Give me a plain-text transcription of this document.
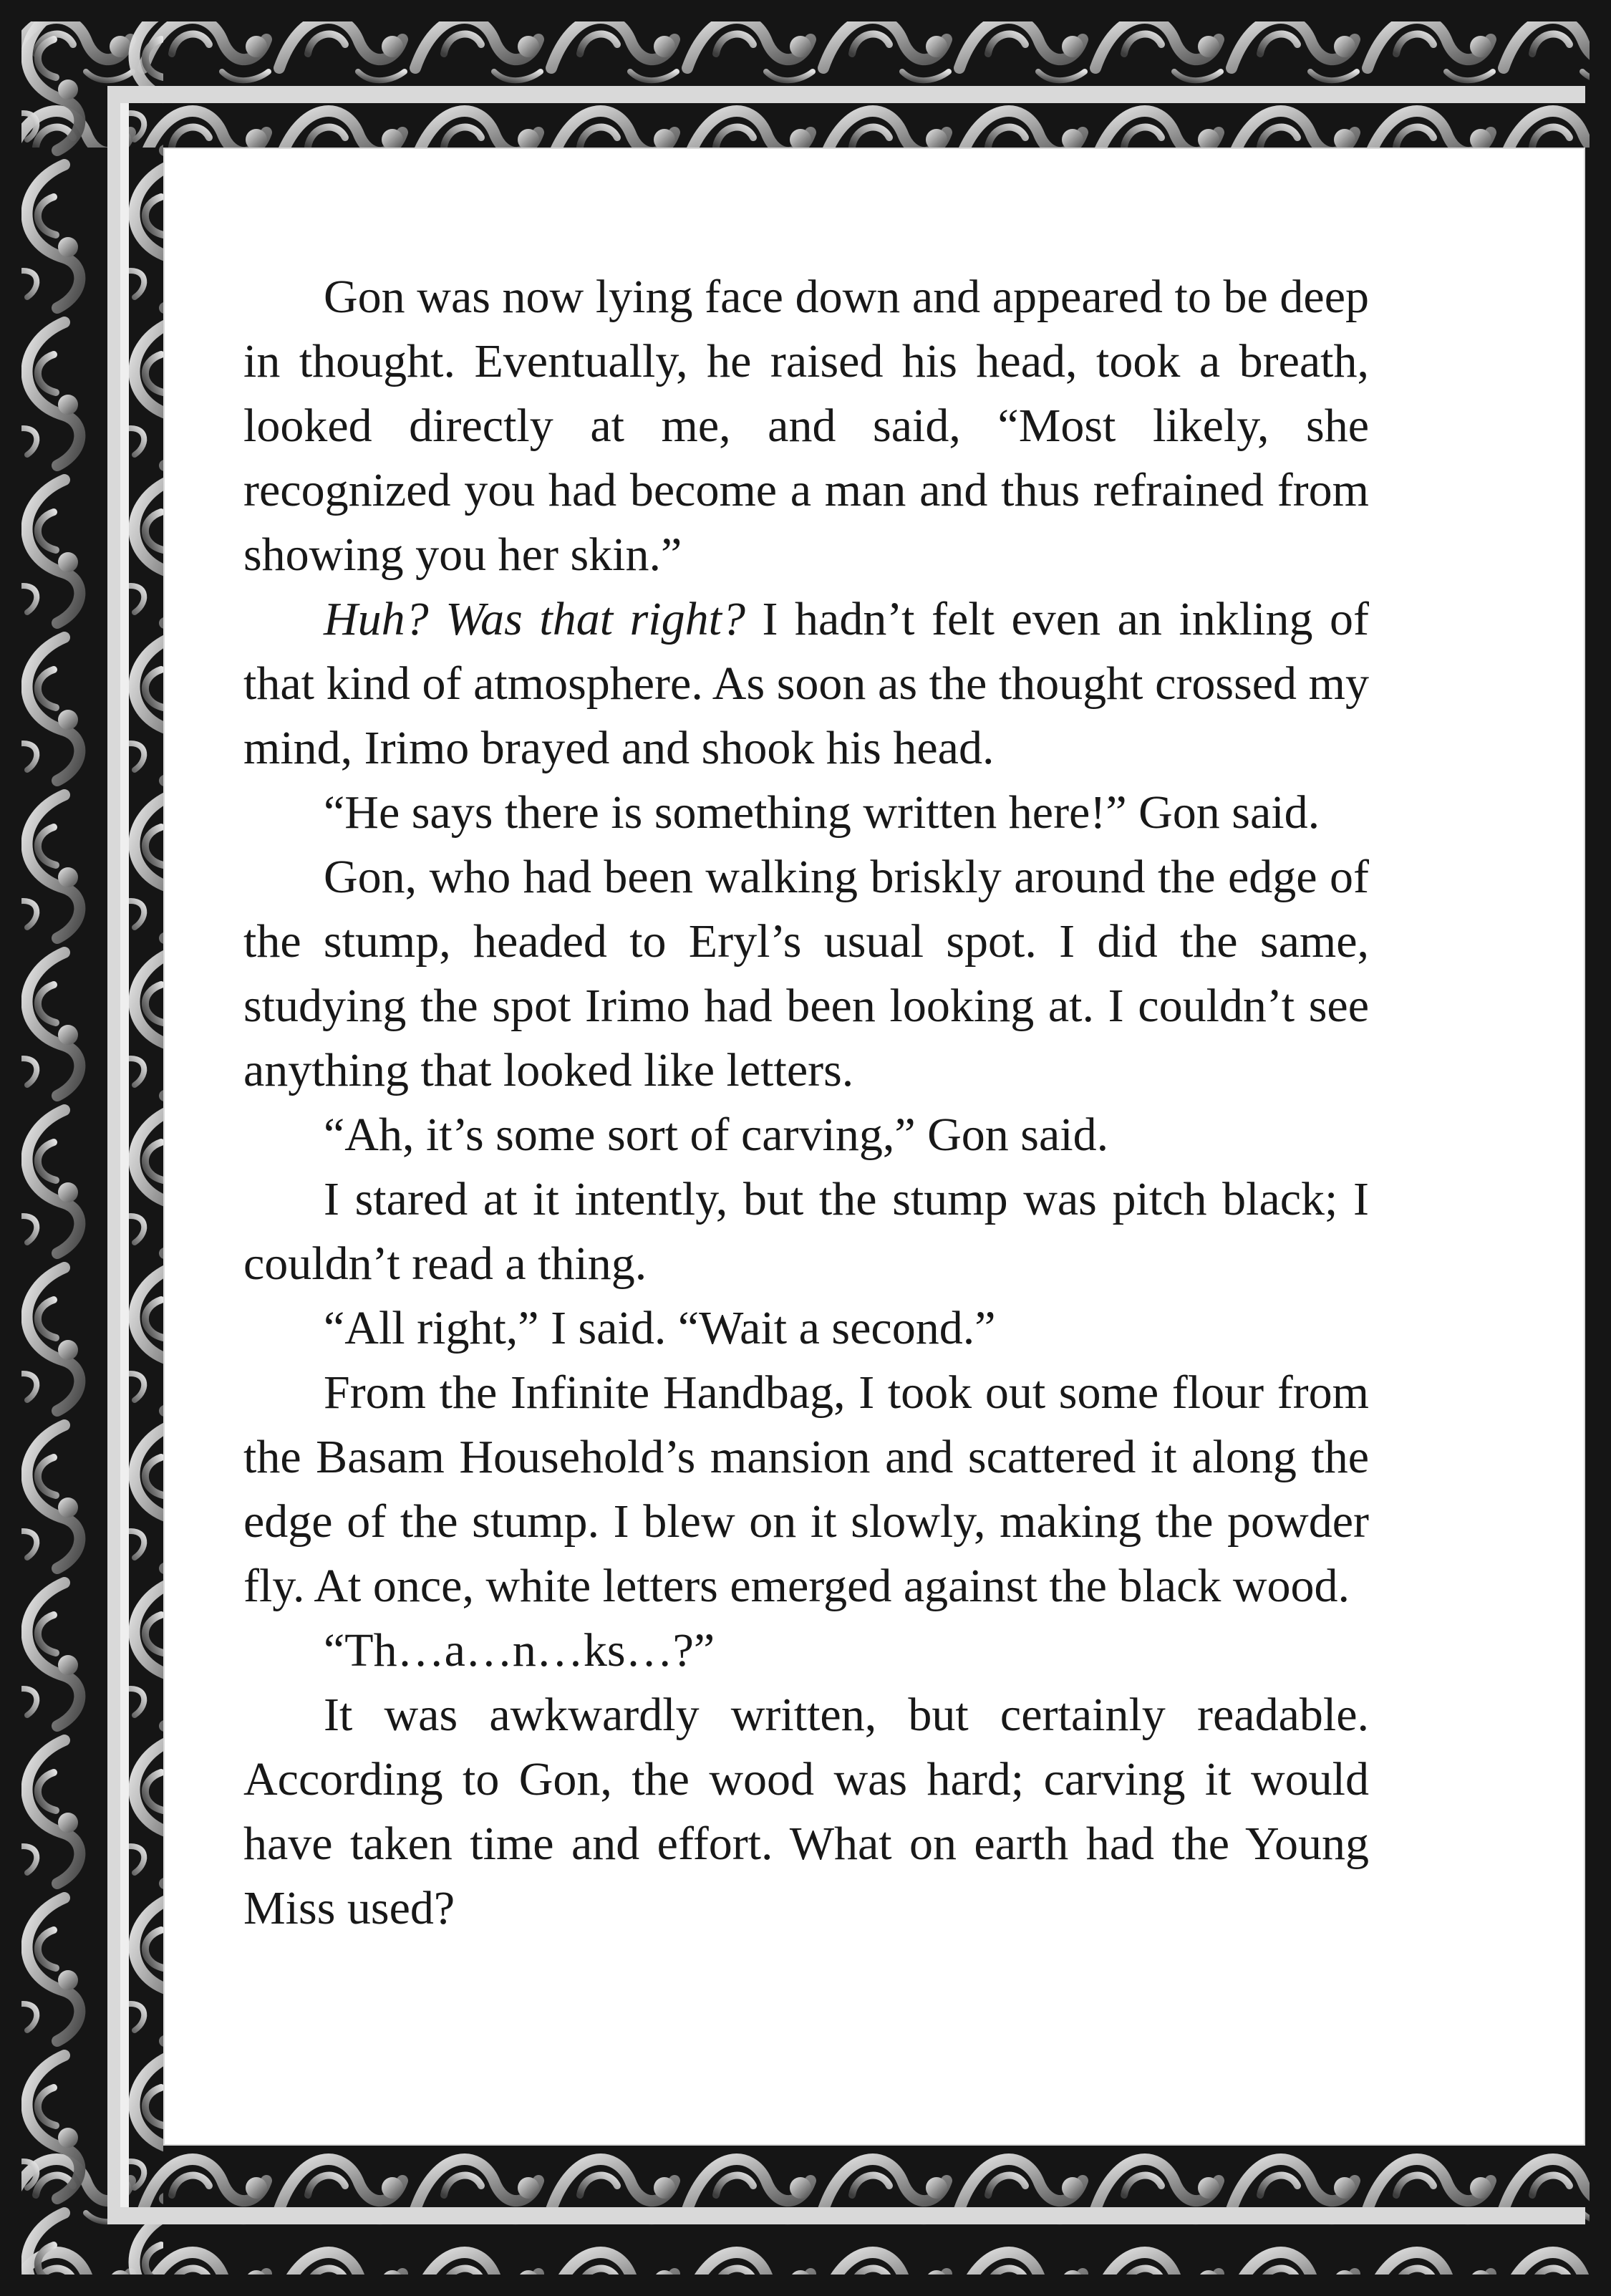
Gon was now lying face down and appeared to be deep in thought. Eventually, he raised his head, took a breath, looked directly at me, and said, “Most likely, she recognized you had become a man and thus refrained from showing you her skin.”

Huh? Was that right? I hadn’t felt even an inkling of that kind of atmosphere. As soon as the thought crossed my mind, Irimo brayed and shook his head.

“He says there is something written here!” Gon said.

Gon, who had been walking briskly around the edge of the stump, headed to Eryl’s usual spot. I did the same, studying the spot Irimo had been looking at. I couldn’t see anything that looked like letters.

“Ah, it’s some sort of carving,” Gon said.

I stared at it intently, but the stump was pitch black; I couldn’t read a thing.

“All right,” I said. “Wait a second.”

From the Infinite Handbag, I took out some flour from the Basam Household’s mansion and scattered it along the edge of the stump. I blew on it slowly, making the powder fly. At once, white letters emerged against the black wood.

“Th…a…n…ks…?”

It was awkwardly written, but certainly readable. According to Gon, the wood was hard; carving it would have taken time and effort. What on earth had the Young Miss used?
